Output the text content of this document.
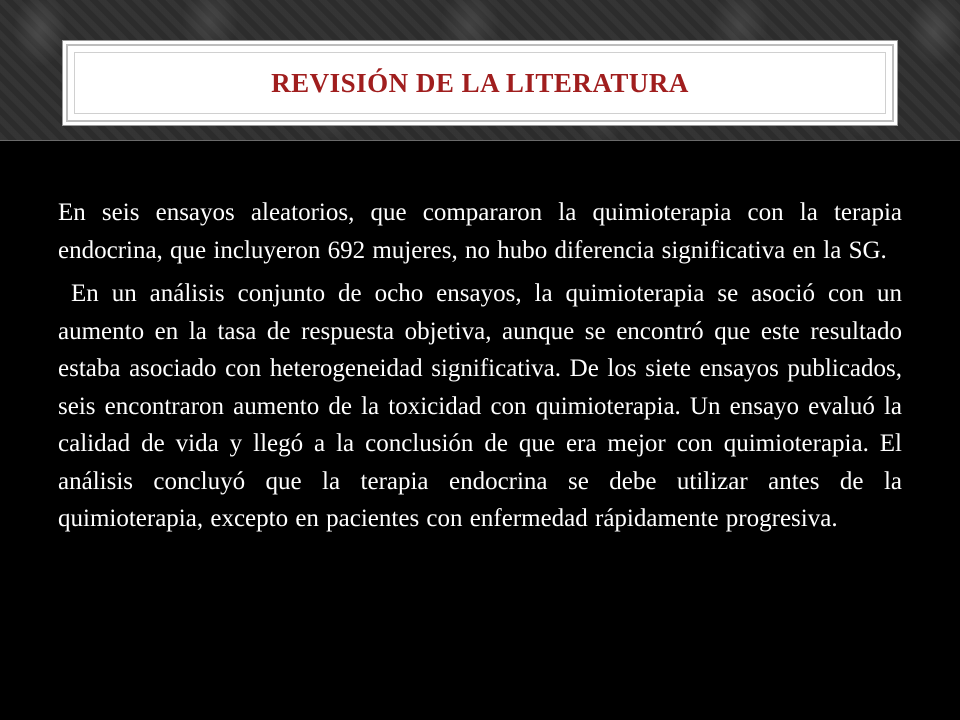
REVISIÓN DE LA LITERATURA

En seis ensayos aleatorios, que compararon la quimioterapia con la terapia endocrina, que incluyeron 692 mujeres, no hubo diferencia significativa en la SG.

En un análisis conjunto de ocho ensayos, la quimioterapia se asoció con un aumento en la tasa de respuesta objetiva, aunque se encontró que este resultado estaba asociado con heterogeneidad significativa. De los siete ensayos publicados, seis encontraron aumento de la toxicidad con quimioterapia. Un ensayo evaluó la calidad de vida y llegó a la conclusión de que era mejor con quimioterapia. El análisis concluyó que la terapia endocrina se debe utilizar antes de la quimioterapia, excepto en pacientes con enfermedad rápidamente progresiva.
